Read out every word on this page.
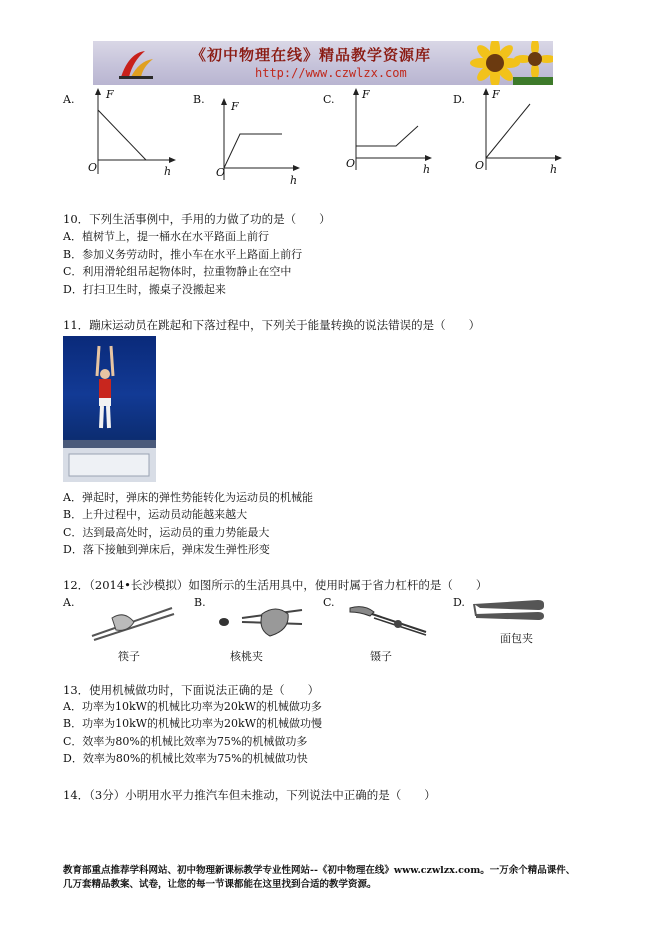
《初中物理在线》精品教学资源库
http://www.czwlzx.com
A.	F
O	h
B.
F
O
h
C. F
O	h
D. F
O	h
10．下列生活事例中，手用的力做了功的是（　　）
A．植树节上，提一桶水在水平路面上前行
B．参加义务劳动时，推小车在水平上路面上前行
C．利用滑轮组吊起物体时，拉重物静止在空中
D．打扫卫生时，搬桌子没搬起来
11．蹦床运动员在跳起和下落过程中，下列关于能量转换的说法错误的是（　　）
A．弹起时，弹床的弹性势能转化为运动员的机械能
B．上升过程中，运动员动能越来越大
C．达到最高处时，运动员的重力势能最大
D．落下接触到弹床后，弹床发生弹性形变
12．（2014•长沙模拟）如图所示的生活用具中，使用时属于省力杠杆的是（　　）
A.
筷子
B.
核桃夹
C.
镊子
D.
面包夹
13．使用机械做功时，下面说法正确的是（　　）
A．功率为10kW的机械比功率为20kW的机械做功多
B．功率为10kW的机械比功率为20kW的机械做功慢
C．效率为80%的机械比效率为75%的机械做功多
D．效率为80%的机械比效率为75%的机械做功快
14．（3分）小明用水平力推汽车但未推动，下列说法中正确的是（　　）
教育部重点推荐学科网站、初中物理新课标教学专业性网站--《初中物理在线》www.czwlzx.com。一万余个精品课件、
几万套精品教案、试卷，让您的每一节课都能在这里找到合适的教学资源。
